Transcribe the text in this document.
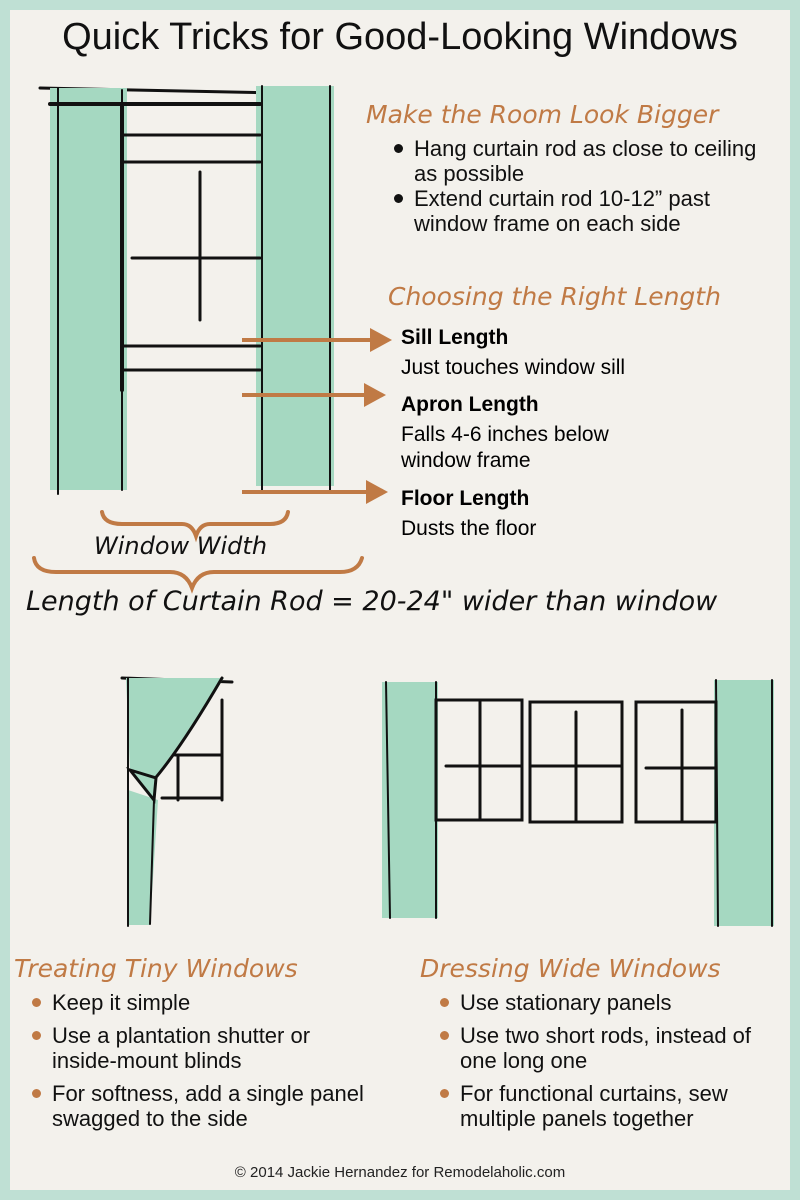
Quick Tricks for Good-Looking Windows
Make the Room Look Bigger
Hang curtain rod as close to ceiling as possible
Extend curtain rod 10-12” past window frame on each side
Choosing the Right Length
Sill Length
Just touches window sill
Apron Length
Falls 4-6 inches below window frame
Floor Length
Dusts the floor
Window Width
Length of Curtain Rod = 20-24" wider than window
Treating Tiny Windows
Keep it simple
Use a plantation shutter or inside-mount blinds
For softness, add a single panel swagged to the side
Dressing Wide Windows
Use stationary panels
Use two short rods, instead of one long one
For functional curtains, sew multiple panels together
© 2014 Jackie Hernandez for Remodelaholic.com
